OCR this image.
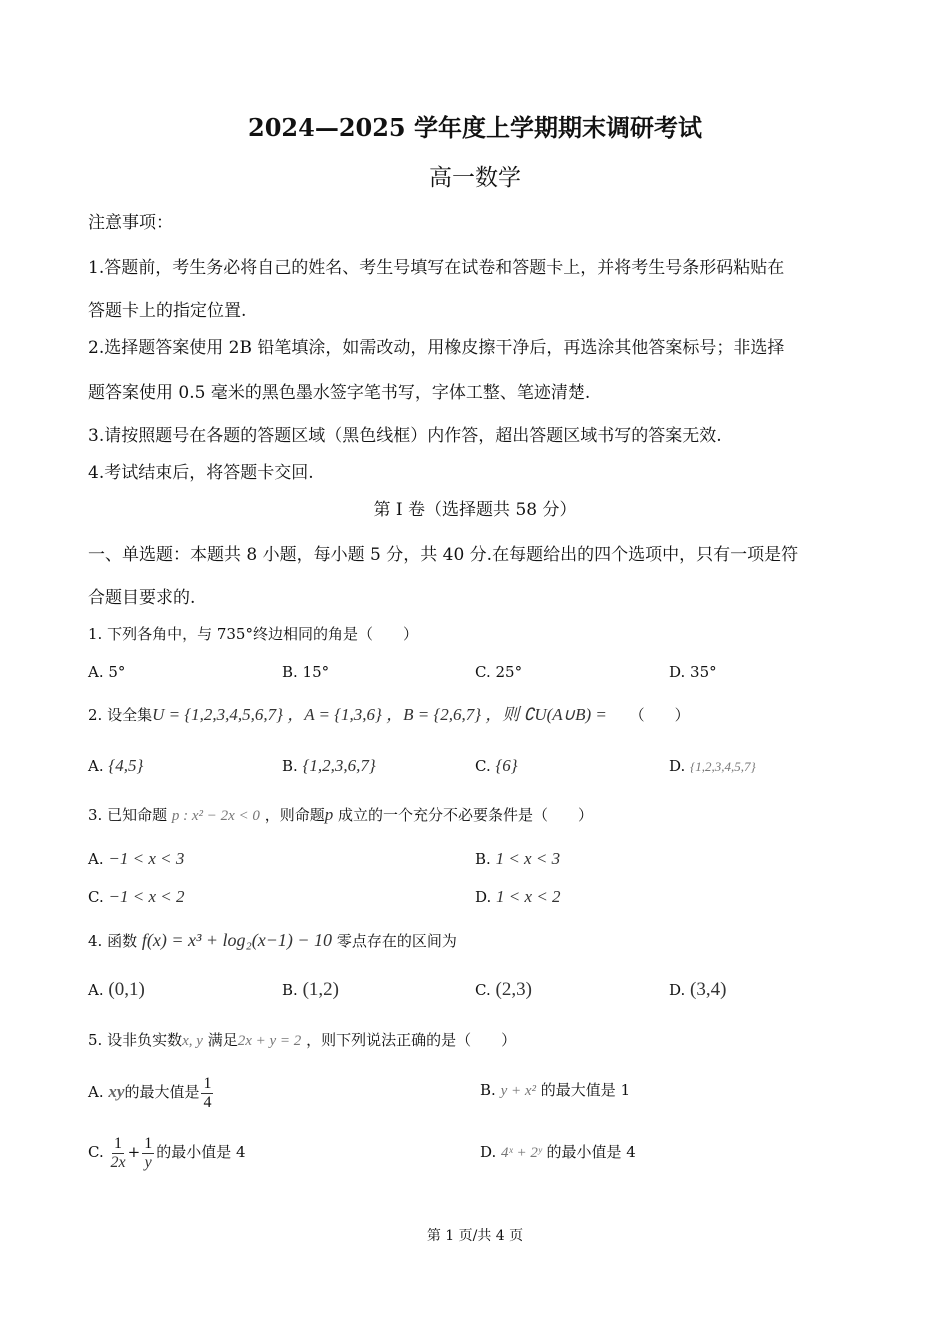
2024—2025 学年度上学期期末调研考试
高一数学
注意事项：
1.答题前，考生务必将自己的姓名、考生号填写在试卷和答题卡上，并将考生号条形码粘贴在
答题卡上的指定位置.
2.选择题答案使用 2B 铅笔填涂，如需改动，用橡皮擦干净后，再选涂其他答案标号；非选择
题答案使用 0.5 毫米的黑色墨水签字笔书写，字体工整、笔迹清楚.
3.请按照题号在各题的答题区域（黑色线框）内作答，超出答题区域书写的答案无效.
4.考试结束后，将答题卡交回.
第 I 卷（选择题共 58 分）
一、单选题：本题共 8 小题，每小题 5 分，共 40 分.在每题给出的四个选项中，只有一项是符
合题目要求的.
1. 下列各角中，与 735°终边相同的角是（　　）
A. 5°	B. 15°	C. 25°	D. 35°
2. 设全集U = {1,2,3,4,5,6,7} ，A = {1,3,6} ，B = {2,6,7} ，则 ∁U(A∪B) = （　　）
A. {4,5}	B. {1,2,3,6,7}	C. {6}	D. {1,2,3,4,5,7}
3. 已知命题 p : x² − 2x < 0 ，则命题p 成立的一个充分不必要条件是（　　）
A. −1 < x < 3	B. 1 < x < 3
C. −1 < x < 2	D. 1 < x < 2
4. 函数 f(x) = x³ + log₂(x−1) − 10 零点存在的区间为
A. (0,1)	B. (1,2)	C. (2,3)	D. (3,4)
5. 设非负实数x, y 满足2x + y = 2 ，则下列说法正确的是（　　）
A. xy的最大值是 $\frac{1}{4}$	B. y + x² 的最大值是 1
C. $\frac{1}{2x} + \frac{1}{y}$ 的最小值是 4	D. 4ˣ + 2ʸ 的最小值是 4
第 1 页/共 4 页
